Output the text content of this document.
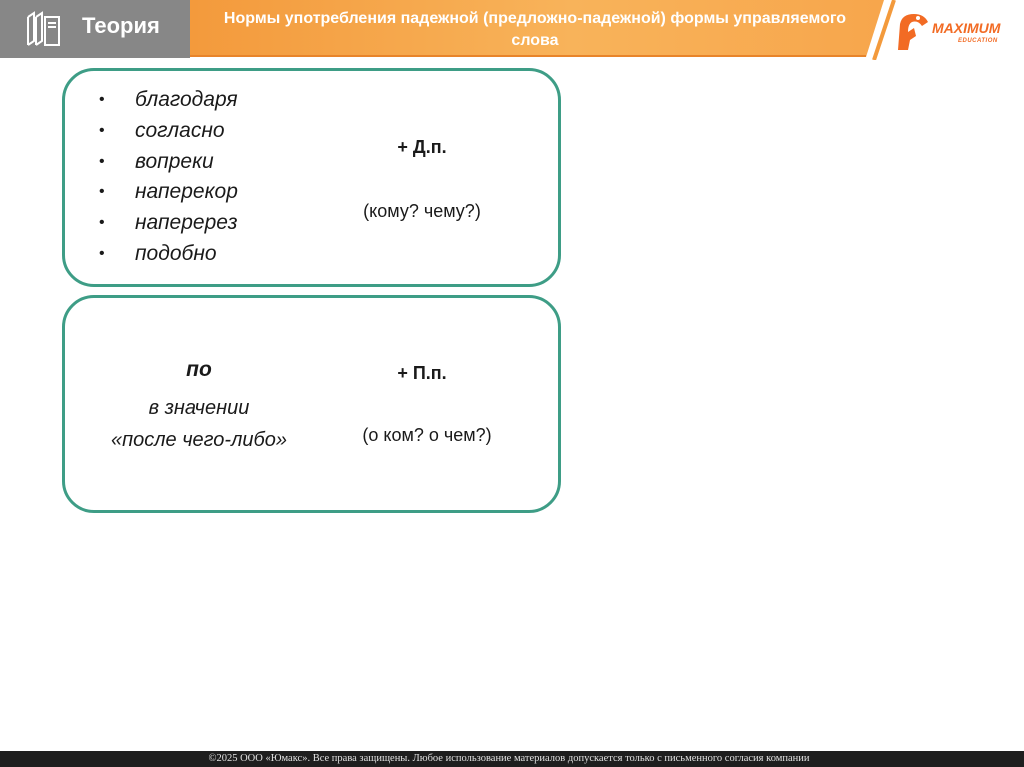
Теория	Нормы употребления падежной (предложно-падежной) формы управляемого слова
MAXIMUM
EDUCATION
• благодаря
• согласно
• вопреки
• наперекор
• наперерез
• подобно
+ Д.п.
(кому? чему?)
по
в значении
«после чего-либо»
+ П.п.
(о ком? о чем?)
©2025 ООО «Юмакс». Все права защищены. Любое использование материалов допускается только с письменного согласия компании
